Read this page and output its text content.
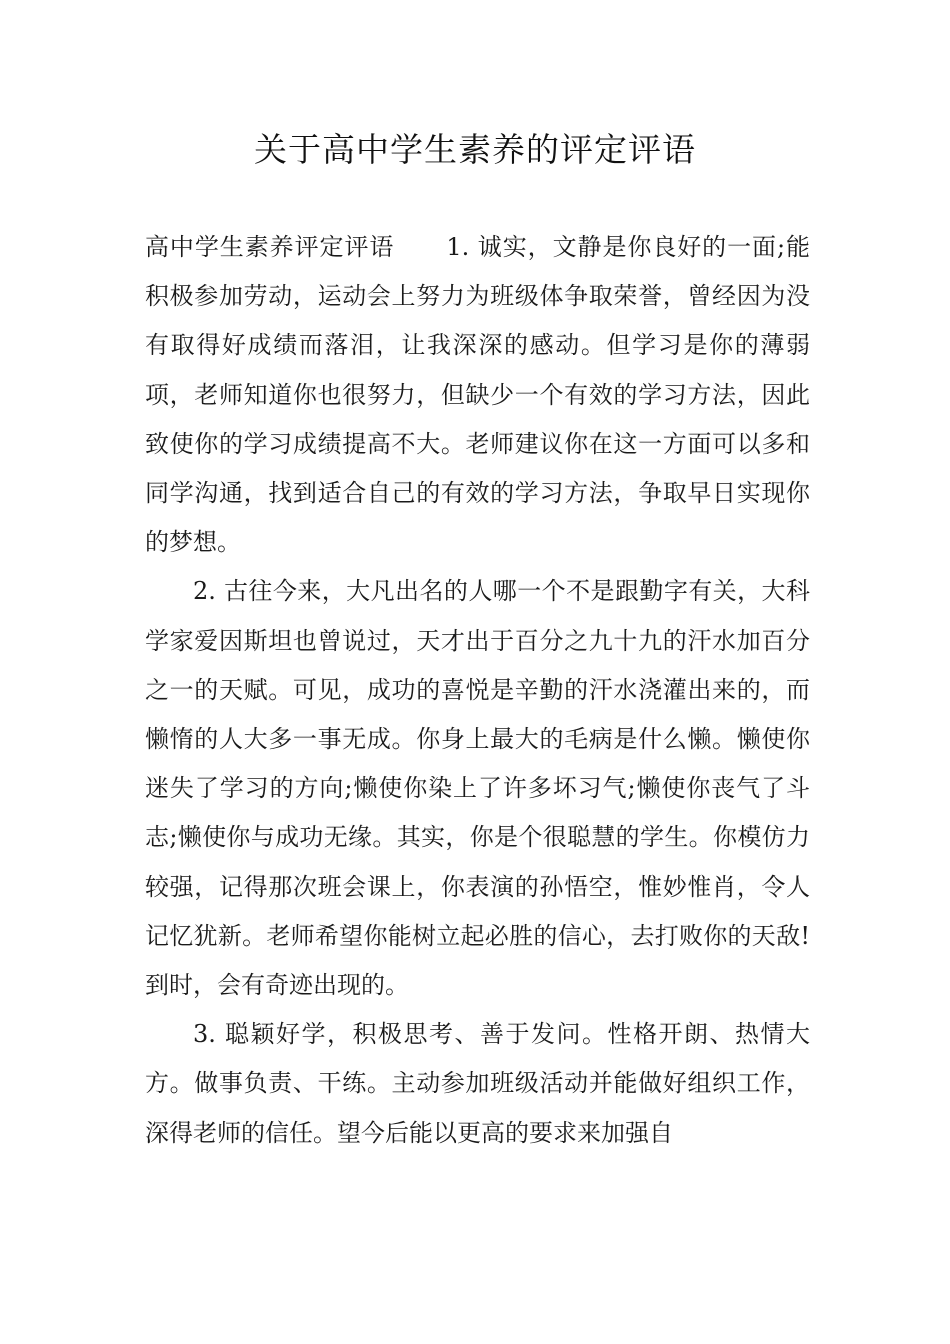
关于高中学生素养的评定评语

高中学生素养评定评语 1. 诚实，文静是你良好的一面;能积极参加劳动，运动会上努力为班级体争取荣誉，曾经因为没有取得好成绩而落泪，让我深深的感动。但学习是你的薄弱项，老师知道你也很努力，但缺少一个有效的学习方法，因此致使你的学习成绩提高不大。老师建议你在这一方面可以多和同学沟通，找到适合自己的有效的学习方法，争取早日实现你的梦想。

2. 古往今来，大凡出名的人哪一个不是跟勤字有关，大科学家爱因斯坦也曾说过，天才出于百分之九十九的汗水加百分之一的天赋。可见，成功的喜悦是辛勤的汗水浇灌出来的，而懒惰的人大多一事无成。你身上最大的毛病是什么懒。懒使你迷失了学习的方向;懒使你染上了许多坏习气;懒使你丧气了斗志;懒使你与成功无缘。其实，你是个很聪慧的学生。你模仿力较强，记得那次班会课上，你表演的孙悟空，惟妙惟肖，令人记忆犹新。老师希望你能树立起必胜的信心，去打败你的天敌!到时，会有奇迹出现的。

3. 聪颖好学，积极思考、善于发问。性格开朗、热情大方。做事负责、干练。主动参加班级活动并能做好组织工作，深得老师的信任。望今后能以更高的要求来加强自
